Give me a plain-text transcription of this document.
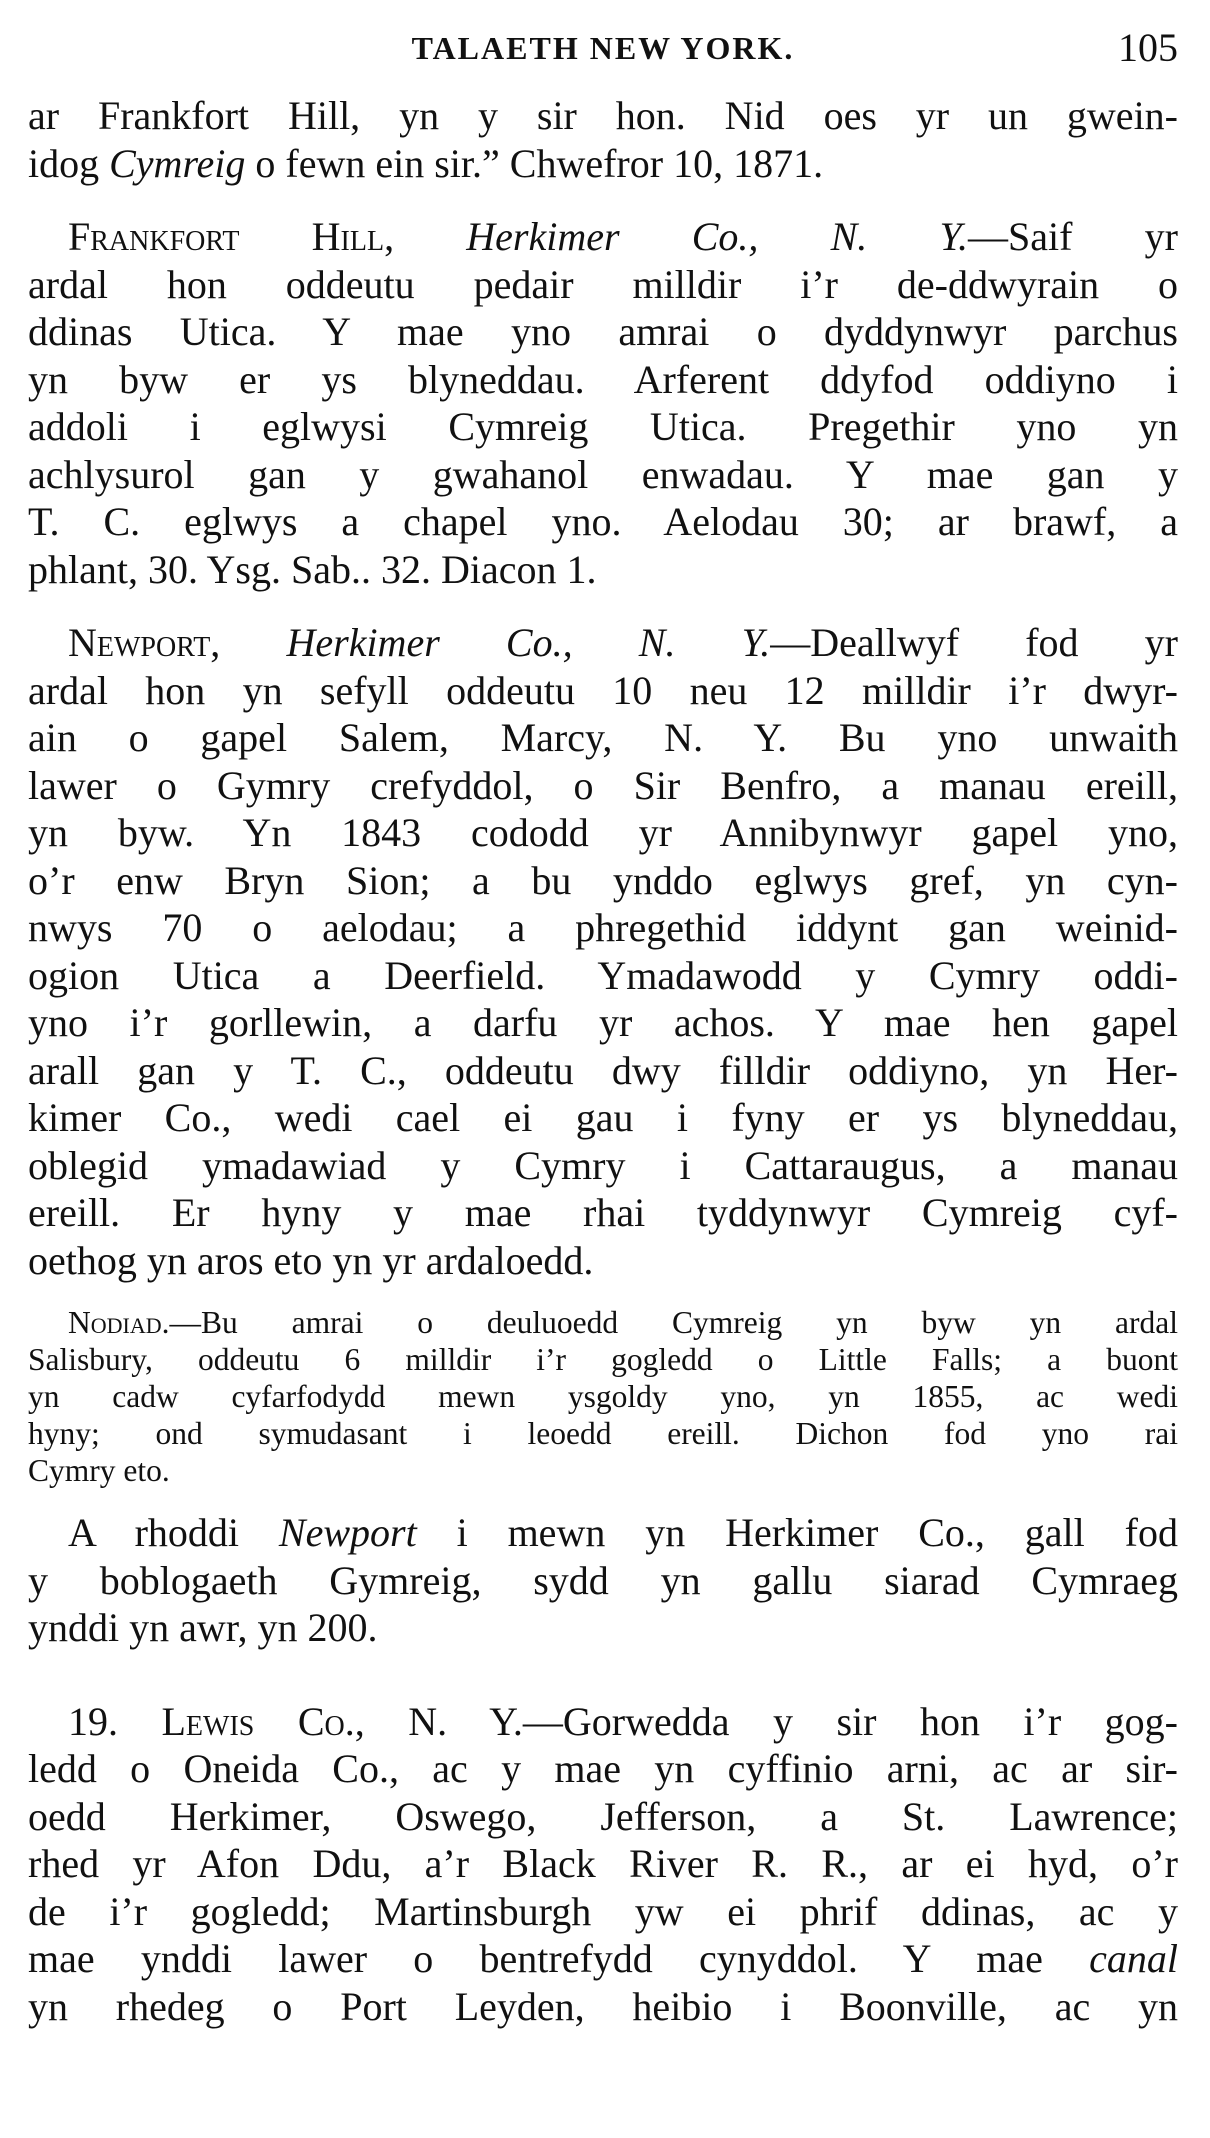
TALAETH NEW YORK.	105
ar Frankfort Hill, yn y sir hon. Nid oes yr un gwein-
idog Cymreig o fewn ein sir.” Chwefror 10, 1871.
Frankfort Hill, Herkimer Co., N. Y.—Saif yr
ardal hon oddeutu pedair milldir i’r de-ddwyrain o
ddinas Utica. Y mae yno amrai o dyddynwyr parchus
yn byw er ys blyneddau. Arferent ddyfod oddiyno i
addoli i eglwysi Cymreig Utica. Pregethir yno yn
achlysurol gan y gwahanol enwadau. Y mae gan y
T. C. eglwys a chapel yno. Aelodau 30; ar brawf, a
phlant, 30. Ysg. Sab.. 32. Diacon 1.
Newport, Herkimer Co., N. Y.—Deallwyf fod yr
ardal hon yn sefyll oddeutu 10 neu 12 milldir i’r dwyr-
ain o gapel Salem, Marcy, N. Y. Bu yno unwaith
lawer o Gymry crefyddol, o Sir Benfro, a manau ereill,
yn byw. Yn 1843 cododd yr Annibynwyr gapel yno,
o’r enw Bryn Sion; a bu ynddo eglwys gref, yn cyn-
nwys 70 o aelodau; a phregethid iddynt gan weinid-
ogion Utica a Deerfield. Ymadawodd y Cymry oddi-
yno i’r gorllewin, a darfu yr achos. Y mae hen gapel
arall gan y T. C., oddeutu dwy filldir oddiyno, yn Her-
kimer Co., wedi cael ei gau i fyny er ys blyneddau,
oblegid ymadawiad y Cymry i Cattaraugus, a manau
ereill. Er hyny y mae rhai tyddynwyr Cymreig cyf-
oethog yn aros eto yn yr ardaloedd.
Nodiad.—Bu amrai o deuluoedd Cymreig yn byw yn ardal
Salisbury, oddeutu 6 milldir i’r gogledd o Little Falls; a buont
yn cadw cyfarfodydd mewn ysgoldy yno, yn 1855, ac wedi
hyny; ond symudasant i leoedd ereill. Dichon fod yno rai
Cymry eto.
A rhoddi Newport i mewn yn Herkimer Co., gall fod
y boblogaeth Gymreig, sydd yn gallu siarad Cymraeg
ynddi yn awr, yn 200.
19. Lewis Co., N. Y.—Gorwedda y sir hon i’r gog-
ledd o Oneida Co., ac y mae yn cyffinio arni, ac ar sir-
oedd Herkimer, Oswego, Jefferson, a St. Lawrence;
rhed yr Afon Ddu, a’r Black River R. R., ar ei hyd, o’r
de i’r gogledd; Martinsburgh yw ei phrif ddinas, ac y
mae ynddi lawer o bentrefydd cynyddol. Y mae canal
yn rhedeg o Port Leyden, heibio i Boonville, ac yn
